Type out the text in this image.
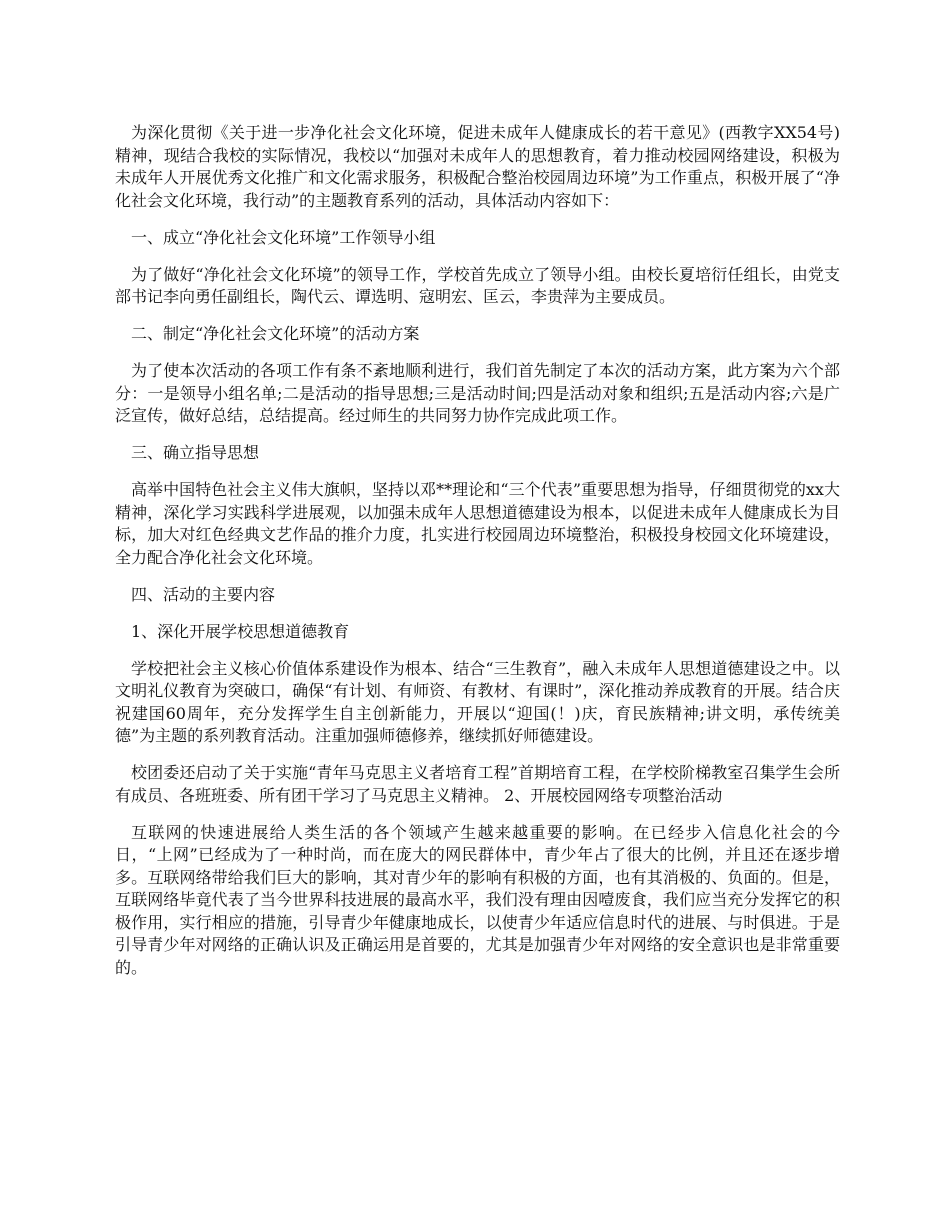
为深化贯彻《关于进一步净化社会文化环境，促进未成年人健康成长的若干意见》(西教字XX54号)精神，现结合我校的实际情况，我校以“加强对未成年人的思想教育，着力推动校园网络建设，积极为未成年人开展优秀文化推广和文化需求服务，积极配合整治校园周边环境”为工作重点，积极开展了“净化社会文化环境，我行动”的主题教育系列的活动，具体活动内容如下：

一、成立“净化社会文化环境”工作领导小组

为了做好“净化社会文化环境”的领导工作，学校首先成立了领导小组。由校长夏培衍任组长，由党支部书记李向勇任副组长，陶代云、谭选明、寇明宏、匡云，李贵萍为主要成员。

二、制定“净化社会文化环境”的活动方案

为了使本次活动的各项工作有条不紊地顺利进行，我们首先制定了本次的活动方案，此方案为六个部分：一是领导小组名单;二是活动的指导思想;三是活动时间;四是活动对象和组织;五是活动内容;六是广泛宣传，做好总结，总结提高。经过师生的共同努力协作完成此项工作。

三、确立指导思想

高举中国特色社会主义伟大旗帜，坚持以邓**理论和“三个代表”重要思想为指导，仔细贯彻党的xx大精神，深化学习实践科学进展观，以加强未成年人思想道德建设为根本，以促进未成年人健康成长为目标，加大对红色经典文艺作品的推介力度，扎实进行校园周边环境整治，积极投身校园文化环境建设，全力配合净化社会文化环境。

四、活动的主要内容

1、深化开展学校思想道德教育

学校把社会主义核心价值体系建设作为根本、结合“三生教育”，融入未成年人思想道德建设之中。以文明礼仪教育为突破口，确保“有计划、有师资、有教材、有课时”，深化推动养成教育的开展。结合庆祝建国60周年，充分发挥学生自主创新能力，开展以“迎国(！)庆，育民族精神;讲文明，承传统美德”为主题的系列教育活动。注重加强师德修养，继续抓好师德建设。

校团委还启动了关于实施“青年马克思主义者培育工程”首期培育工程，在学校阶梯教室召集学生会所有成员、各班班委、所有团干学习了马克思主义精神。 2、开展校园网络专项整治活动

互联网的快速进展给人类生活的各个领域产生越来越重要的影响。在已经步入信息化社会的今日，“上网”已经成为了一种时尚，而在庞大的网民群体中，青少年占了很大的比例，并且还在逐步增多。互联网络带给我们巨大的影响，其对青少年的影响有积极的方面，也有其消极的、负面的。但是，互联网络毕竟代表了当今世界科技进展的最高水平，我们没有理由因噎废食，我们应当充分发挥它的积极作用，实行相应的措施，引导青少年健康地成长，以使青少年适应信息时代的进展、与时俱进。于是引导青少年对网络的正确认识及正确运用是首要的，尤其是加强青少年对网络的安全意识也是非常重要的。
